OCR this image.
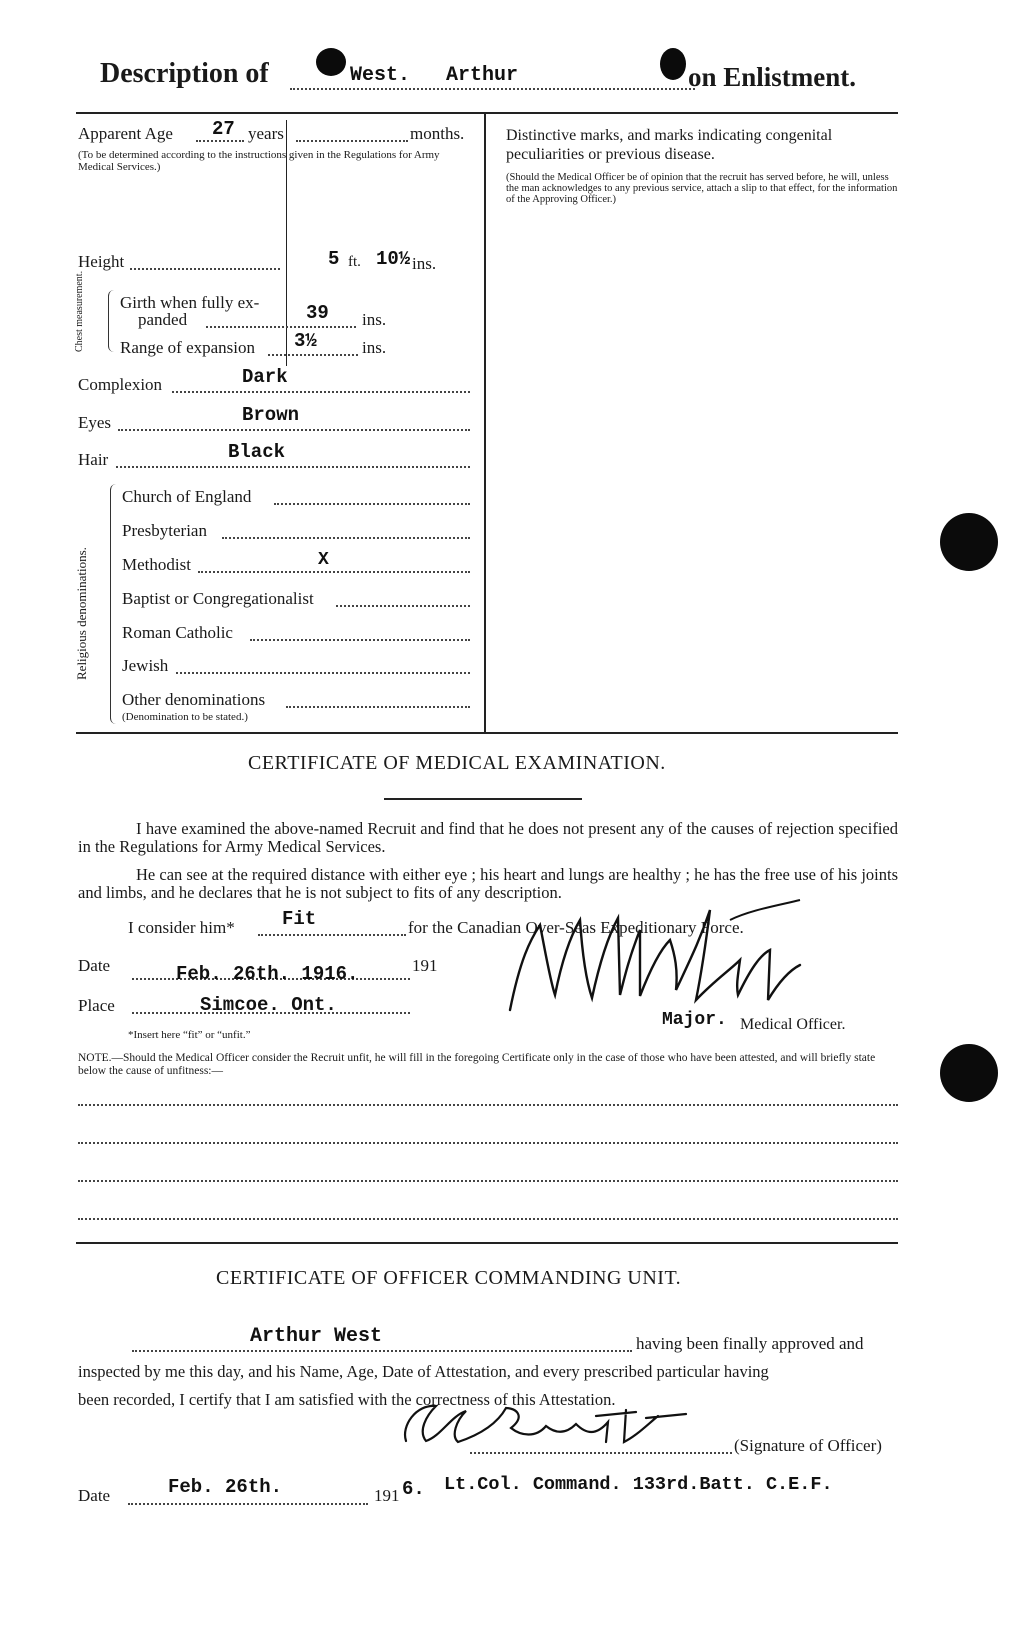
Description of	West. Arthur	on Enlistment.
Apparent Age 27 years	months.
(To be determined according to the instructions given in the Regulations for Army Medical Services.)
Height	5 ft. 10½ ins.
Chest measurement. Girth when fully ex-
panded	39 ins.
Range of expansion 3½	ins.
Complexion	Dark
Eyes	Brown
Hair	Black
Religious denominations.
Church of England
Presbyterian
Methodist	X
Baptist or Congregationalist
Roman Catholic
Jewish
Other denominations
(Denomination to be stated.)
Distinctive marks, and marks indicating congenital peculiarities or previous disease.
(Should the Medical Officer be of opinion that the recruit has served before, he will, unless the man acknowledges to any previous service, attach a slip to that effect, for the information of the Approving Officer.)
CERTIFICATE OF MEDICAL EXAMINATION.
I have examined the above-named Recruit and find that he does not present any of the causes of rejection specified in the Regulations for Army Medical Services.
He can see at the required distance with either eye ; his heart and lungs are healthy ; he has the free use of his joints and limbs, and he declares that he is not subject to fits of any description.
I consider him* Fit	for the Canadian Over-Seas Expeditionary Force.
Date	Feb. 26th. 1916.	191
Place	Simcoe. Ont.
*Insert here “fit” or “unfit.”
Major. Medical Officer.
NOTE.—Should the Medical Officer consider the Recruit unfit, he will fill in the foregoing Certificate only in the case of those who have been attested, and will briefly state below the cause of unfitness:—
CERTIFICATE OF OFFICER COMMANDING UNIT.
Arthur West	having been finally approved and
inspected by me this day, and his Name, Age, Date of Attestation, and every prescribed particular having
been recorded, I certify that I am satisfied with the correctness of this Attestation.
(Signature of Officer)
Date	Feb. 26th.	191 6. Lt.Col. Command. 133rd.Batt. C.E.F.
